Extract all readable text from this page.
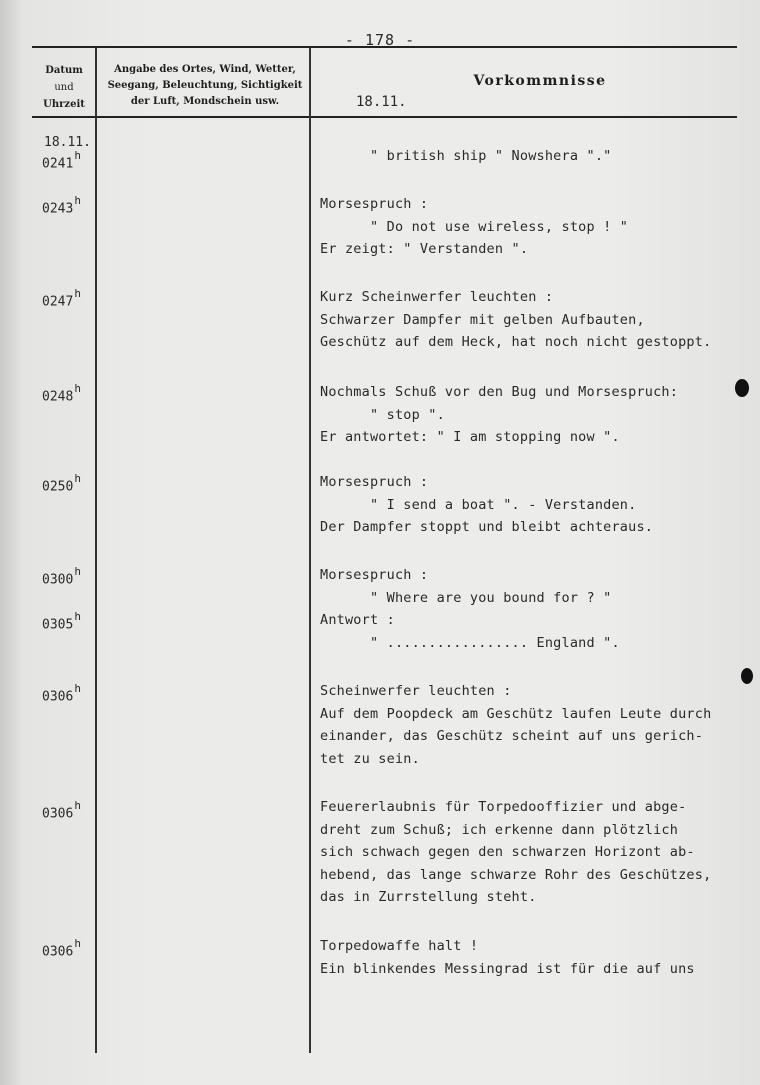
- 178 -
Datum
und
Uhrzeit
Angabe des Ortes, Wind, Wetter,
Seegang, Beleuchtung, Sichtigkeit
der Luft, Mondschein usw.
Vorkommnisse
18.11.
18.11.
0241$^h$	" british ship " Nowshera "."
0243$^h$	Morsespruch :
" Do not use wireless, stop ! "
Er zeigt: " Verstanden ".
0247$^h$	Kurz Scheinwerfer leuchten :
Schwarzer Dampfer mit gelben Aufbauten,
Geschütz auf dem Heck, hat noch nicht gestoppt.
0248$^h$	Nochmals Schuß vor den Bug und Morsespruch:
" stop ".
Er antwortet: " I am stopping now ".
0250$^h$	Morsespruch :
" I send a boat ". - Verstanden.
Der Dampfer stoppt und bleibt achteraus.
0300$^h$	Morsespruch :
" Where are you bound for ? "
0305$^h$	Antwort :
" ................. England ".
0306$^h$	Scheinwerfer leuchten :
Auf dem Poopdeck am Geschütz laufen Leute durch
einander, das Geschütz scheint auf uns gerich-
tet zu sein.
0306$^h$	Feuererlaubnis für Torpedooffizier und abge-
dreht zum Schuß; ich erkenne dann plötzlich
sich schwach gegen den schwarzen Horizont ab-
hebend, das lange schwarze Rohr des Geschützes,
das in Zurrstellung steht.
0306$^h$	Torpedowaffe halt !
Ein blinkendes Messingrad ist für die auf uns
